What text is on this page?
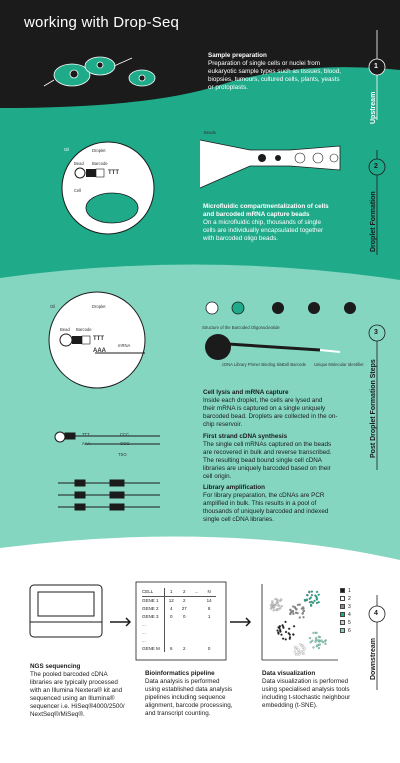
working with Drop-Seq
Sample preparation
Preparation of single cells or nuclei from
eukaryotic sample types such as tissues, blood,
biopsies, tumours, cultured cells, plants, yeasts
or protoplasts.
Oil	Droplet
Bead Barcode
TTT
Cell
Beads
Cells
Microfluidic compartmentalization of cells
and barcoded mRNA capture beads
On a microfluidic chip, thousands of single
cells are individually encapsulated together
with barcoded oligo beads.
Oil	Droplet
Bead Barcode
TTT
AAA
mRNA
Structure of the Barcoded Oligonucleotide
cDNA Library Primer Binding Site
Cell Barcode Unique Molecular Identifier
TTT
AAA
CCC
GGG
TSO
Cell lysis and mRNA capture
Inside each droplet, the cells are lysed and
their mRNA is captured on a single uniquely
barcoded bead. Droplets are collected in the on-
chip reservoir.
First strand cDNA synthesis
The single cell mRNAs captured on the beads
are recovered in bulk and reverse transcribed.
The resulting bead bound single cell cDNA
libraries are uniquely barcoded based on their
cell origin.
Library amplification
For library preparation, the cDNAs are PCR
amplified in bulk. This results in a pool of
thousands of uniquely barcoded and indexed
single cell cDNA libraries.
CELL	1	2	...	N
GENE 1	12	2		14
GENE 2	4	27		8
GENE 3	0	0		1
...				
...				
...				
GENE M	6	2		0
1
2
3
4
5
6
NGS sequencing
The pooled barcoded cDNA
libraries are typically processed
with an Illumina Nextera® kit and
sequenced using an Illumina®
sequencer i.e. HiSeq®4000/2500/
NextSeq®/MiSeq®.
Bioinformatics pipeline
Data analysis is performed
using established data analysis
pipelines including sequence
alignment, barcode processing,
and transcript counting.
Data visualization
Data visualization is performed
using specialised analysis tools
including t-stochastic neighbour
embedding (t-SNE).
1
2
3
4
Upstream
Droplet Formation
Post Droplet Formation Steps
Downstream
